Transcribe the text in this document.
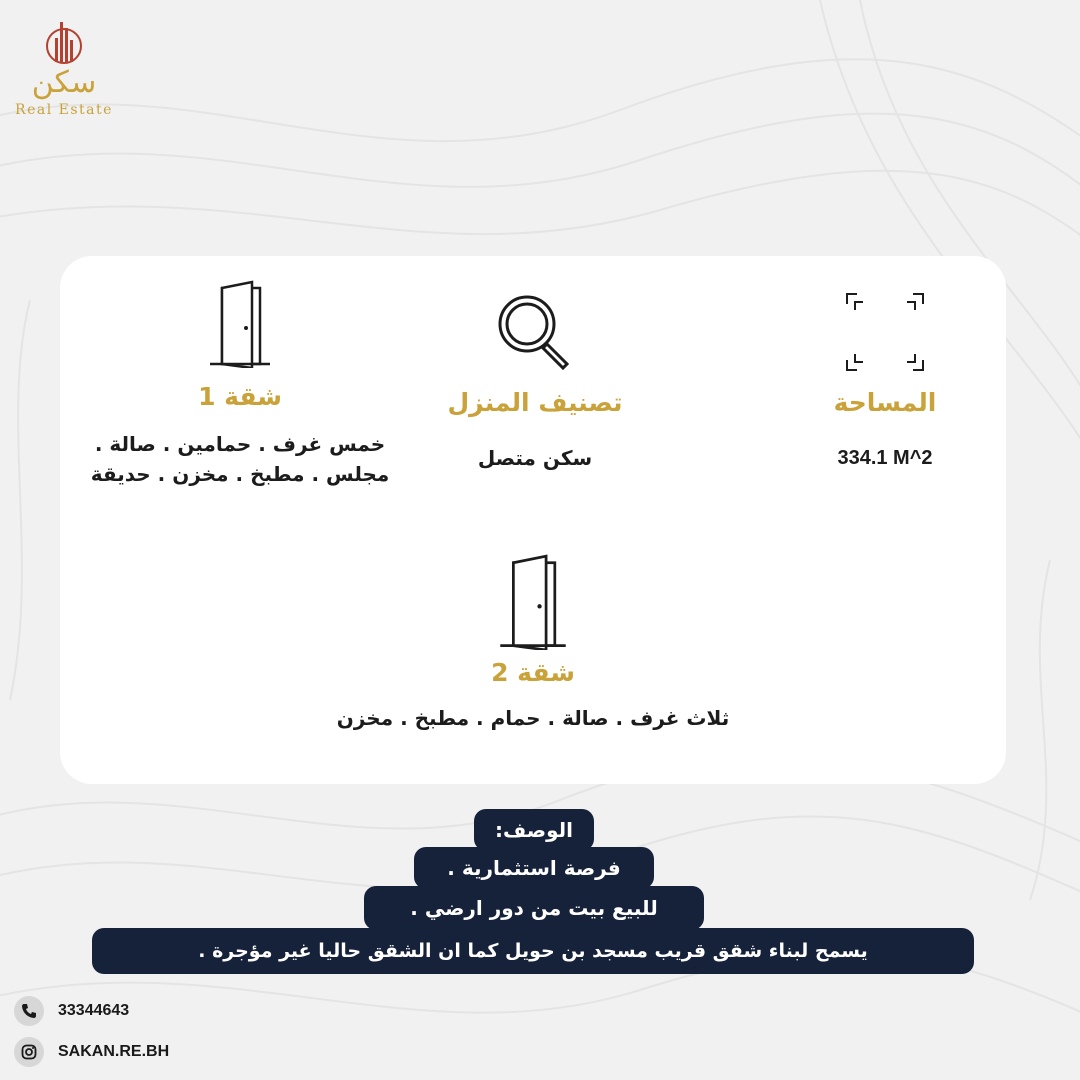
سكن
Real Estate
شقة 1
خمس غرف . حمامين . صالة . مجلس . مطبخ . مخزن . حديقة
تصنيف المنزل
سكن متصل
المساحة
334.1 M^2
شقة 2
ثلاث غرف . صالة . حمام . مطبخ . مخزن
الوصف:
فرصة استثمارية .
للبيع بيت من دور ارضي .
يسمح لبناء شقق قريب مسجد بن حويل كما ان الشقق حاليا غير مؤجرة .
33344643
SAKAN.RE.BH
